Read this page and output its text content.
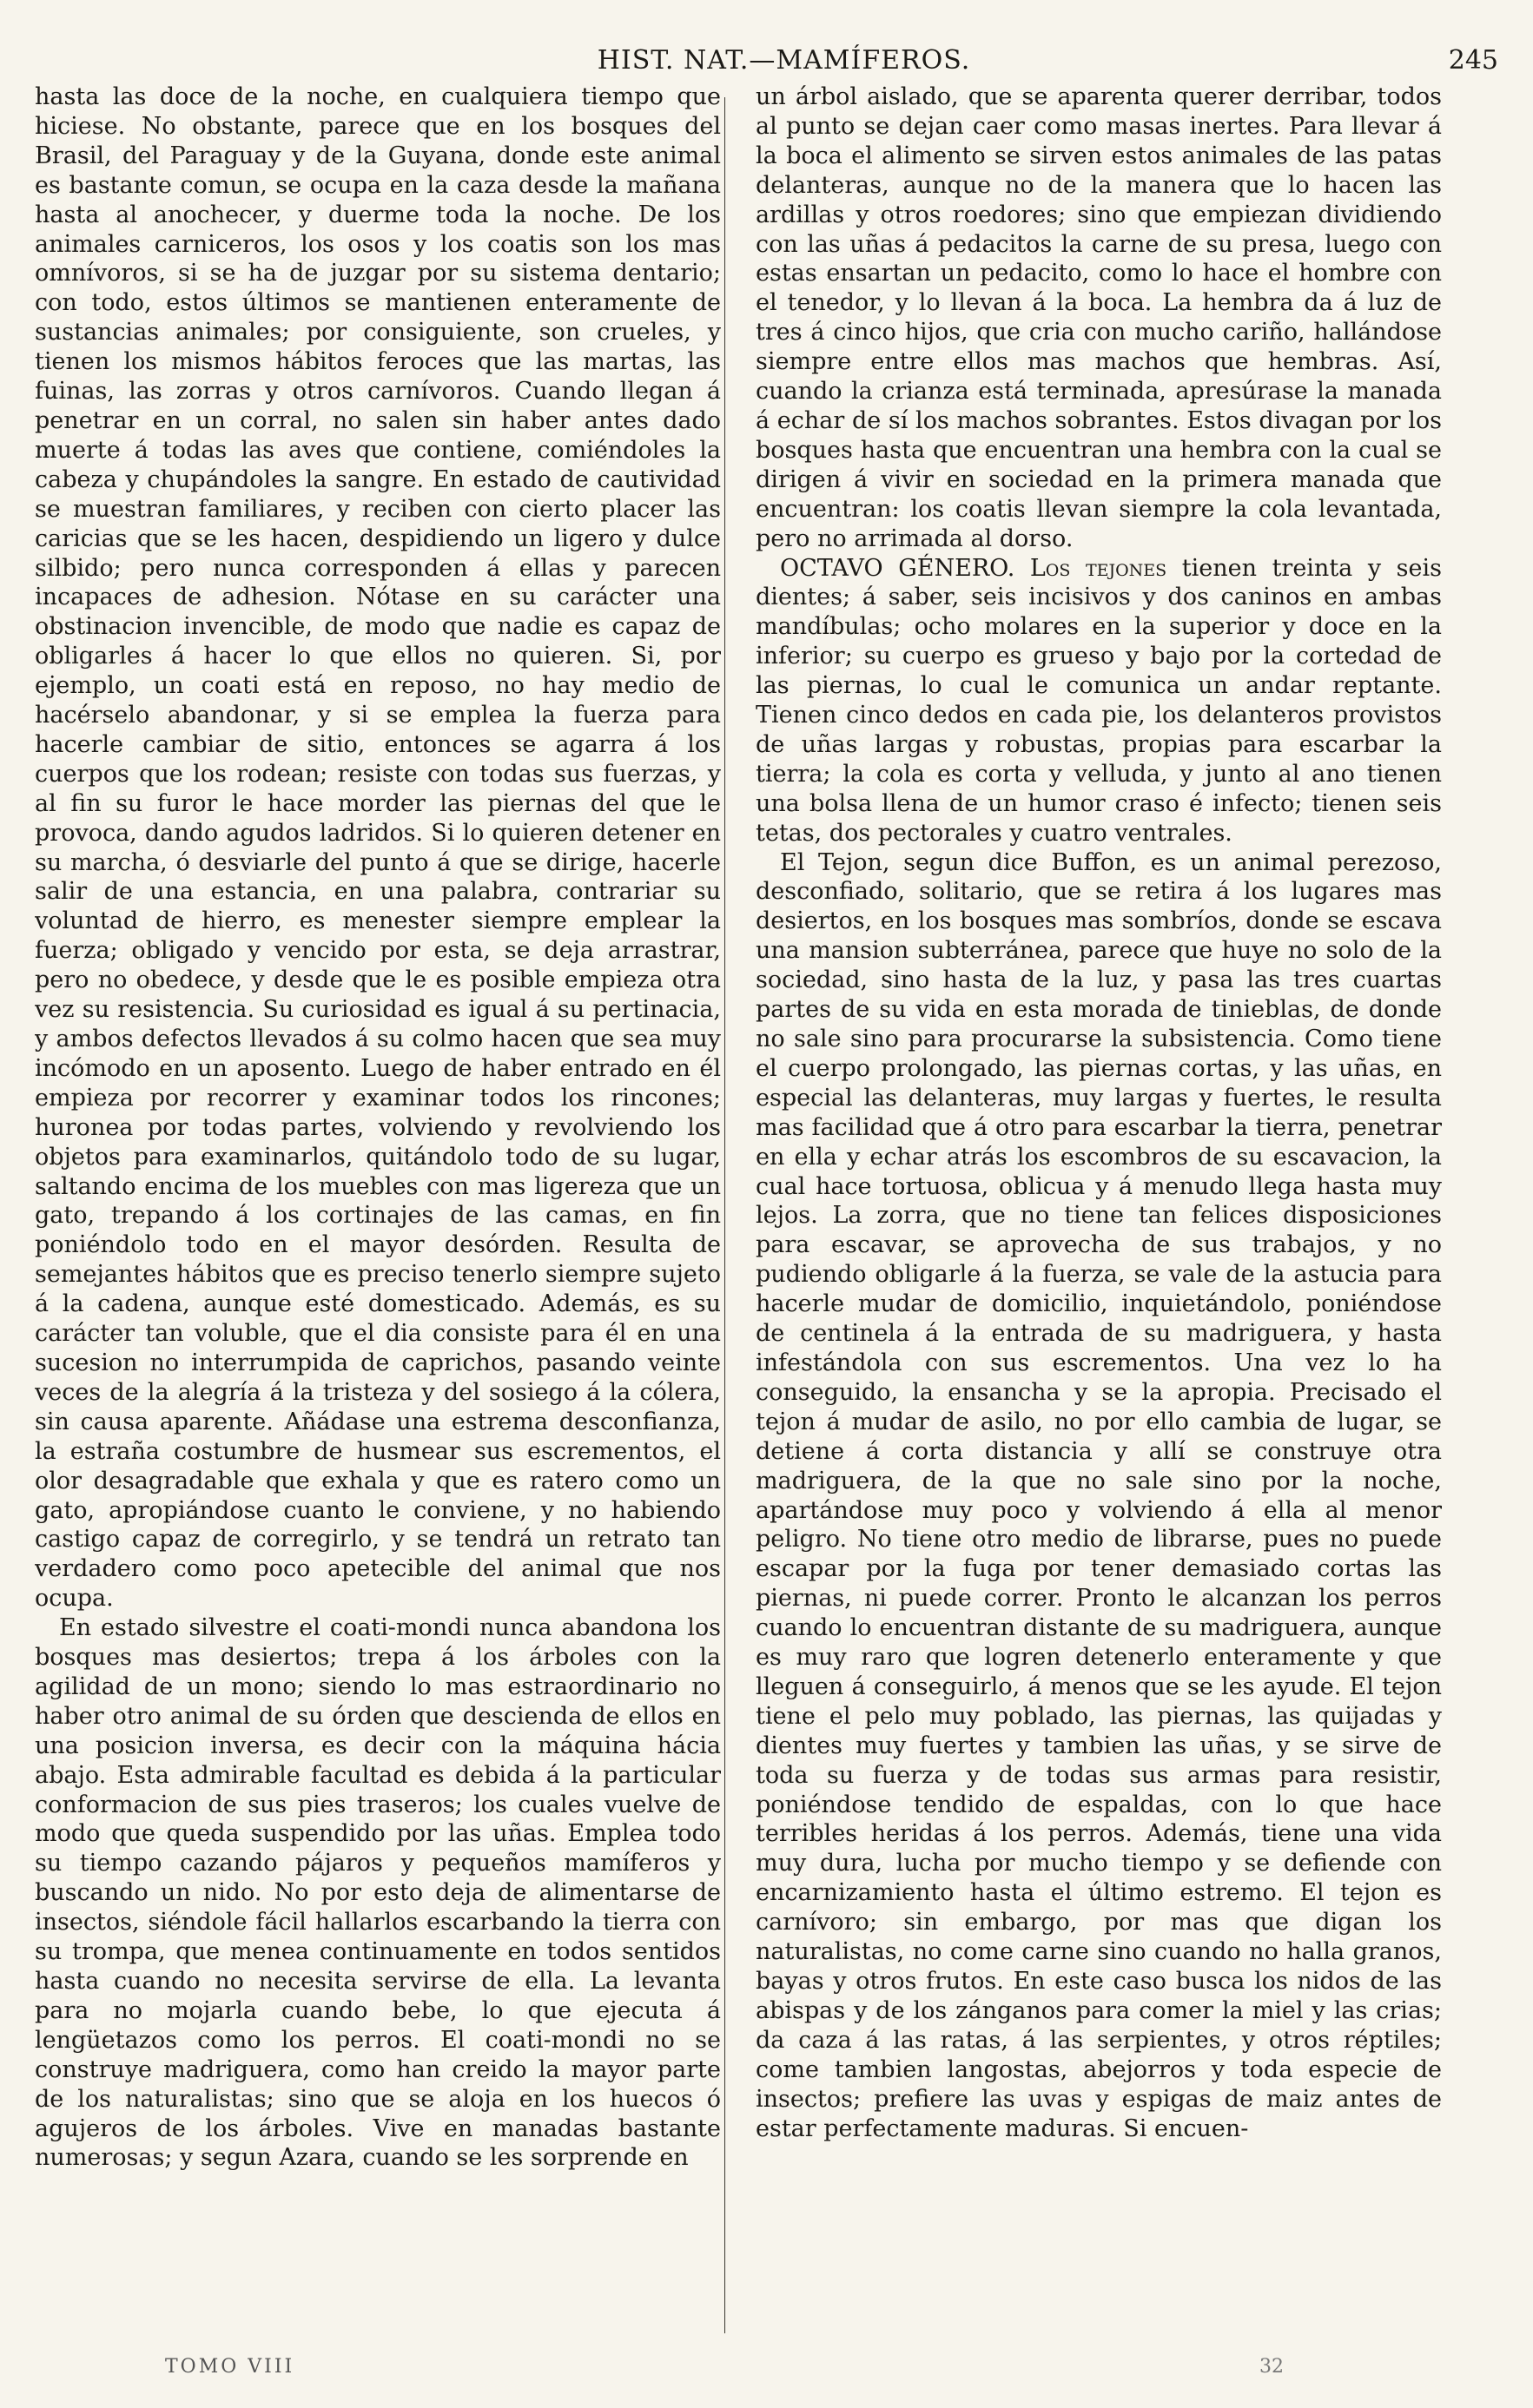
HIST. NAT.—MAMÍFEROS.	245

hasta las doce de la noche, en cualquiera tiempo que hiciese. No obstante, parece que en los bosques del Brasil, del Paraguay y de la Guyana, donde este animal es bastante comun, se ocupa en la caza desde la mañana hasta al anochecer, y duerme toda la noche. De los animales carniceros, los osos y los coatis son los mas omnívoros, si se ha de juzgar por su sistema dentario; con todo, estos últimos se mantienen enteramente de sustancias animales; por consiguiente, son crueles, y tienen los mismos hábitos feroces que las martas, las fuinas, las zorras y otros carnívoros. Cuando llegan á penetrar en un corral, no salen sin haber antes dado muerte á todas las aves que contiene, comiéndoles la cabeza y chupándoles la sangre. En estado de cautividad se muestran familiares, y reciben con cierto placer las caricias que se les hacen, despidiendo un ligero y dulce silbido; pero nunca corresponden á ellas y parecen incapaces de adhesion. Nótase en su carácter una obstinacion invencible, de modo que nadie es capaz de obligarles á hacer lo que ellos no quieren. Si, por ejemplo, un coati está en reposo, no hay medio de hacérselo abandonar, y si se emplea la fuerza para hacerle cambiar de sitio, entonces se agarra á los cuerpos que los rodean; resiste con todas sus fuerzas, y al fin su furor le hace morder las piernas del que le provoca, dando agudos ladridos. Si lo quieren detener en su marcha, ó desviarle del punto á que se dirige, hacerle salir de una estancia, en una palabra, contrariar su voluntad de hierro, es menester siempre emplear la fuerza; obligado y vencido por esta, se deja arrastrar, pero no obedece, y desde que le es posible empieza otra vez su resistencia. Su curiosidad es igual á su pertinacia, y ambos defectos llevados á su colmo hacen que sea muy incómodo en un aposento. Luego de haber entrado en él empieza por recorrer y examinar todos los rincones; huronea por todas partes, volviendo y revolviendo los objetos para examinarlos, quitándolo todo de su lugar, saltando encima de los muebles con mas ligereza que un gato, trepando á los cortinajes de las camas, en fin poniéndolo todo en el mayor desórden. Resulta de semejantes hábitos que es preciso tenerlo siempre sujeto á la cadena, aunque esté domesticado. Además, es su carácter tan voluble, que el dia consiste para él en una sucesion no interrumpida de caprichos, pasando veinte veces de la alegría á la tristeza y del sosiego á la cólera, sin causa aparente. Añádase una estrema desconfianza, la estraña costumbre de husmear sus escrementos, el olor desagradable que exhala y que es ratero como un gato, apropiándose cuanto le conviene, y no habiendo castigo capaz de corregirlo, y se tendrá un retrato tan verdadero como poco apetecible del animal que nos ocupa.

En estado silvestre el coati-mondi nunca abandona los bosques mas desiertos; trepa á los árboles con la agilidad de un mono; siendo lo mas estraordinario no haber otro animal de su órden que descienda de ellos en una posicion inversa, es decir con la máquina hácia abajo. Esta admirable facultad es debida á la particular conformacion de sus pies traseros; los cuales vuelve de modo que queda suspendido por las uñas. Emplea todo su tiempo cazando pájaros y pequeños mamíferos y buscando un nido. No por esto deja de alimentarse de insectos, siéndole fácil hallarlos escarbando la tierra con su trompa, que menea continuamente en todos sentidos hasta cuando no necesita servirse de ella. La levanta para no mojarla cuando bebe, lo que ejecuta á lengüetazos como los perros. El coati-mondi no se construye madriguera, como han creido la mayor parte de los naturalistas; sino que se aloja en los huecos ó agujeros de los árboles. Vive en manadas bastante numerosas; y segun Azara, cuando se les sorprende en

un árbol aislado, que se aparenta querer derribar, todos al punto se dejan caer como masas inertes. Para llevar á la boca el alimento se sirven estos animales de las patas delanteras, aunque no de la manera que lo hacen las ardillas y otros roedores; sino que empiezan dividiendo con las uñas á pedacitos la carne de su presa, luego con estas ensartan un pedacito, como lo hace el hombre con el tenedor, y lo llevan á la boca. La hembra da á luz de tres á cinco hijos, que cria con mucho cariño, hallándose siempre entre ellos mas machos que hembras. Así, cuando la crianza está terminada, apresúrase la manada á echar de sí los machos sobrantes. Estos divagan por los bosques hasta que encuentran una hembra con la cual se dirigen á vivir en sociedad en la primera manada que encuentran: los coatis llevan siempre la cola levantada, pero no arrimada al dorso.

OCTAVO GÉNERO. Los tejones tienen treinta y seis dientes; á saber, seis incisivos y dos caninos en ambas mandíbulas; ocho molares en la superior y doce en la inferior; su cuerpo es grueso y bajo por la cortedad de las piernas, lo cual le comunica un andar reptante. Tienen cinco dedos en cada pie, los delanteros provistos de uñas largas y robustas, propias para escarbar la tierra; la cola es corta y velluda, y junto al ano tienen una bolsa llena de un humor craso é infecto; tienen seis tetas, dos pectorales y cuatro ventrales.

El Tejon, segun dice Buffon, es un animal perezoso, desconfiado, solitario, que se retira á los lugares mas desiertos, en los bosques mas sombríos, donde se escava una mansion subterránea, parece que huye no solo de la sociedad, sino hasta de la luz, y pasa las tres cuartas partes de su vida en esta morada de tinieblas, de donde no sale sino para procurarse la subsistencia. Como tiene el cuerpo prolongado, las piernas cortas, y las uñas, en especial las delanteras, muy largas y fuertes, le resulta mas facilidad que á otro para escarbar la tierra, penetrar en ella y echar atrás los escombros de su escavacion, la cual hace tortuosa, oblicua y á menudo llega hasta muy lejos. La zorra, que no tiene tan felices disposiciones para escavar, se aprovecha de sus trabajos, y no pudiendo obligarle á la fuerza, se vale de la astucia para hacerle mudar de domicilio, inquietándolo, poniéndose de centinela á la entrada de su madriguera, y hasta infestándola con sus escrementos. Una vez lo ha conseguido, la ensancha y se la apropia. Precisado el tejon á mudar de asilo, no por ello cambia de lugar, se detiene á corta distancia y allí se construye otra madriguera, de la que no sale sino por la noche, apartándose muy poco y volviendo á ella al menor peligro. No tiene otro medio de librarse, pues no puede escapar por la fuga por tener demasiado cortas las piernas, ni puede correr. Pronto le alcanzan los perros cuando lo encuentran distante de su madriguera, aunque es muy raro que logren detenerlo enteramente y que lleguen á conseguirlo, á menos que se les ayude. El tejon tiene el pelo muy poblado, las piernas, las quijadas y dientes muy fuertes y tambien las uñas, y se sirve de toda su fuerza y de todas sus armas para resistir, poniéndose tendido de espaldas, con lo que hace terribles heridas á los perros. Además, tiene una vida muy dura, lucha por mucho tiempo y se defiende con encarnizamiento hasta el último estremo. El tejon es carnívoro; sin embargo, por mas que digan los naturalistas, no come carne sino cuando no halla granos, bayas y otros frutos. En este caso busca los nidos de las abispas y de los zánganos para comer la miel y las crias; da caza á las ratas, á las serpientes, y otros réptiles; come tambien langostas, abejorros y toda especie de insectos; prefiere las uvas y espigas de maiz antes de estar perfectamente maduras. Si encuen-

TOMO VIII	32
